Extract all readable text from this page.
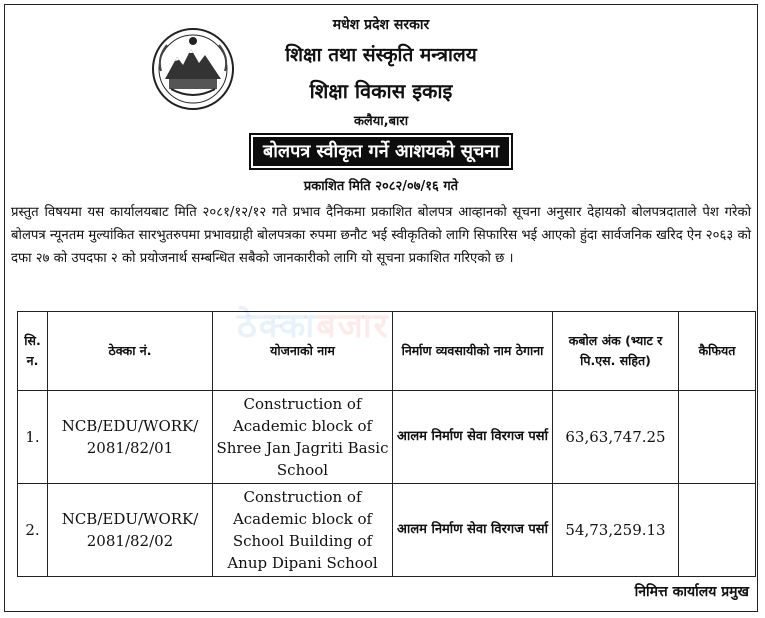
मधेश प्रदेश सरकार
शिक्षा तथा संस्कृति मन्त्रालय
शिक्षा विकास इकाइ
कलैया,बारा
बोलपत्र स्वीकृत गर्ने आशयको सूचना
प्रकाशित मिति २०८२/०७/१६ गते

प्रस्तुत विषयमा यस कार्यालयबाट मिति २०८१/१२/१२ गते प्रभाव दैनिकमा प्रकाशित बोलपत्र आव्हानको सूचना अनुसार देहायको बोलपत्रदाताले पेश गरेको बोलपत्र न्यूनतम मुल्यांकित सारभुतरुपमा प्रभावग्राही बोलपत्रका रुपमा छनौट भई स्वीकृतिको लागि सिफारिस भई आएको हुंदा सार्वजनिक खरिद ऐन २०६३ को दफा २७ को उपदफा २ को प्रयोजनार्थ सम्बन्धित सबैको जानकारीको लागि यो सूचना प्रकाशित गरिएको छ ।

ठेक्काबजार
सि. न.	ठेक्का नं.	योजनाको नाम	निर्माण व्यवसायीको नाम ठेगाना	कबोल अंक (भ्याट र पि.एस. सहित)	कैफियत
1.	NCB/EDU/WORK/ 2081/82/01	Construction of Academic block of Shree Jan Jagriti Basic School	आलम निर्माण सेवा विरगज पर्सा	63,63,747.25	
2.	NCB/EDU/WORK/ 2081/82/02	Construction of Academic block of School Building of Anup Dipani School	आलम निर्माण सेवा विरगज पर्सा	54,73,259.13	
निमित्त कार्यालय प्रमुख
